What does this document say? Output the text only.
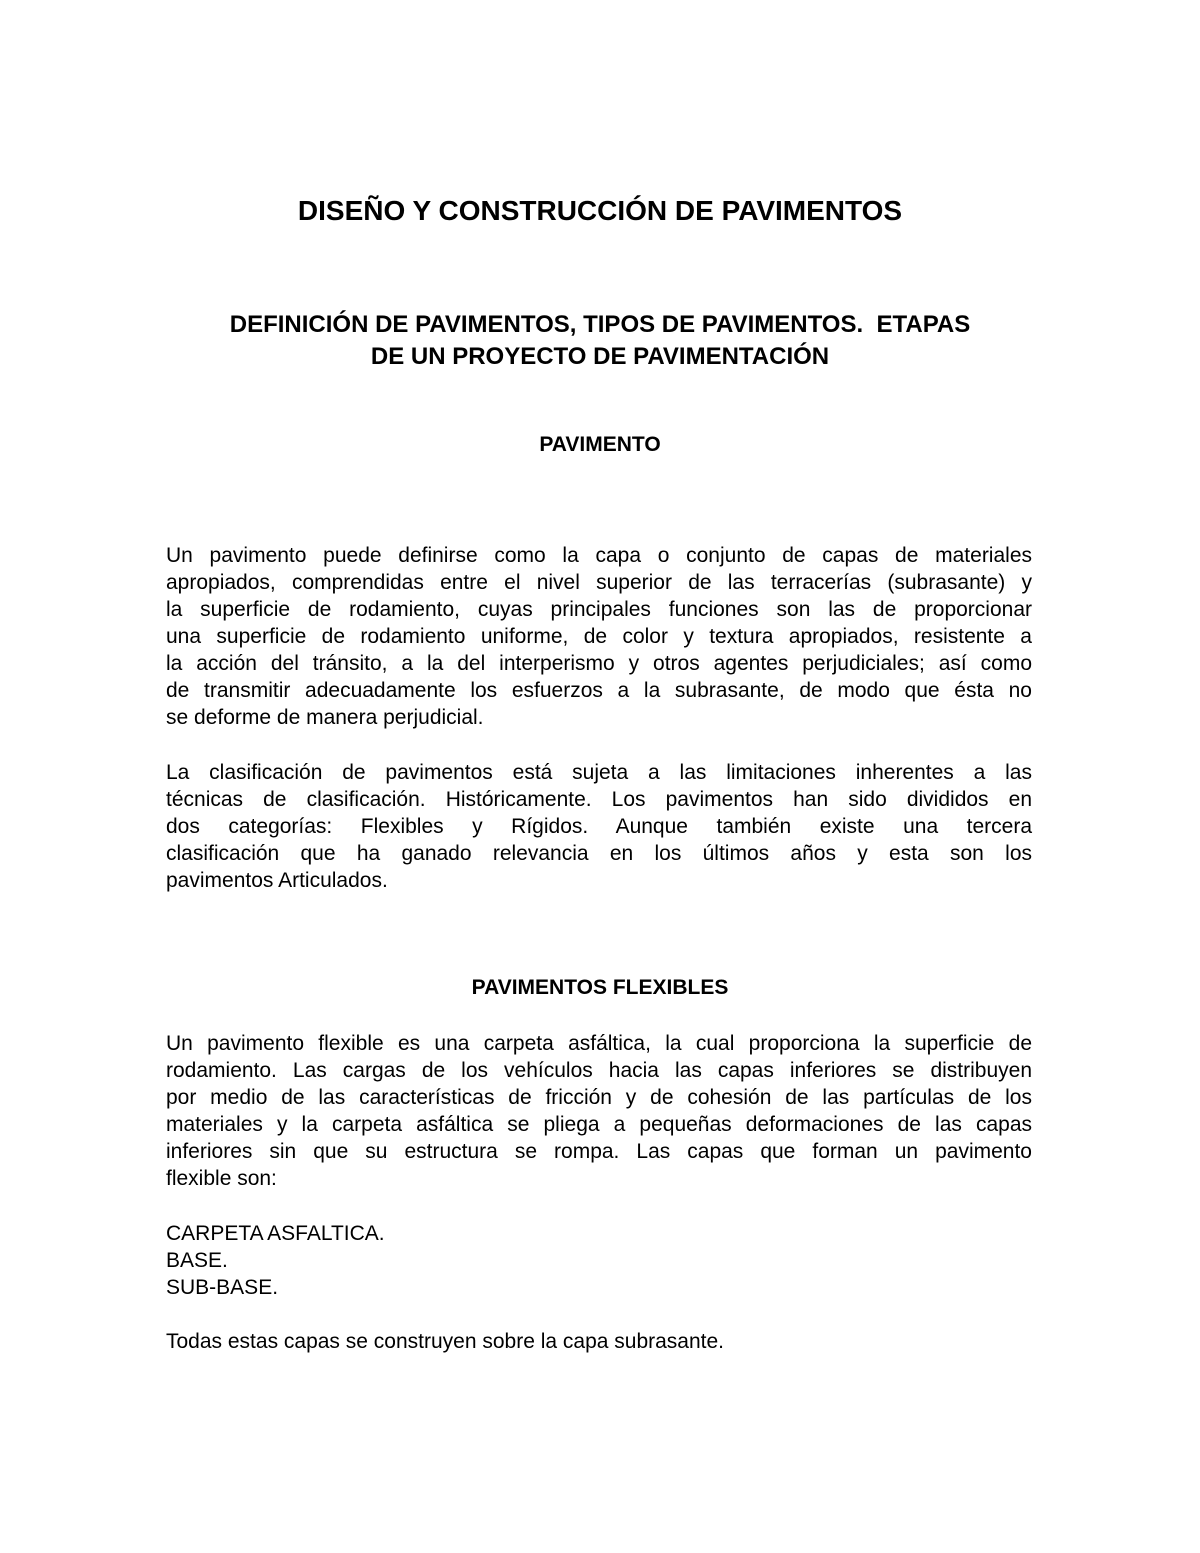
DISEÑO Y CONSTRUCCIÓN DE PAVIMENTOS
DEFINICIÓN DE PAVIMENTOS, TIPOS DE PAVIMENTOS.  ETAPAS
DE UN PROYECTO DE PAVIMENTACIÓN
PAVIMENTO
Un pavimento puede definirse como la capa o conjunto de capas de materiales
apropiados, comprendidas entre el nivel superior de las terracerías (subrasante) y
la superficie de rodamiento, cuyas principales funciones son las de proporcionar
una superficie de rodamiento uniforme, de color y textura apropiados, resistente a
la acción del tránsito, a la del interperismo y otros agentes perjudiciales; así como
de transmitir adecuadamente los esfuerzos a la subrasante, de modo que ésta no
se deforme de manera perjudicial.
La clasificación de pavimentos está sujeta a las limitaciones inherentes a las
técnicas de clasificación. Históricamente. Los pavimentos han sido divididos en
dos categorías: Flexibles y Rígidos. Aunque también existe una tercera
clasificación que ha ganado relevancia en los últimos años y esta son los
pavimentos Articulados.
PAVIMENTOS FLEXIBLES
Un pavimento flexible es una carpeta asfáltica, la cual proporciona la superficie de
rodamiento. Las cargas de los vehículos hacia las capas inferiores se distribuyen
por medio de las características de fricción y de cohesión de las partículas de los
materiales y la carpeta asfáltica se pliega a pequeñas deformaciones de las capas
inferiores sin que su estructura se rompa. Las capas que forman un pavimento
flexible son:
CARPETA ASFALTICA.
BASE.
SUB-BASE.
Todas estas capas se construyen sobre la capa subrasante.
